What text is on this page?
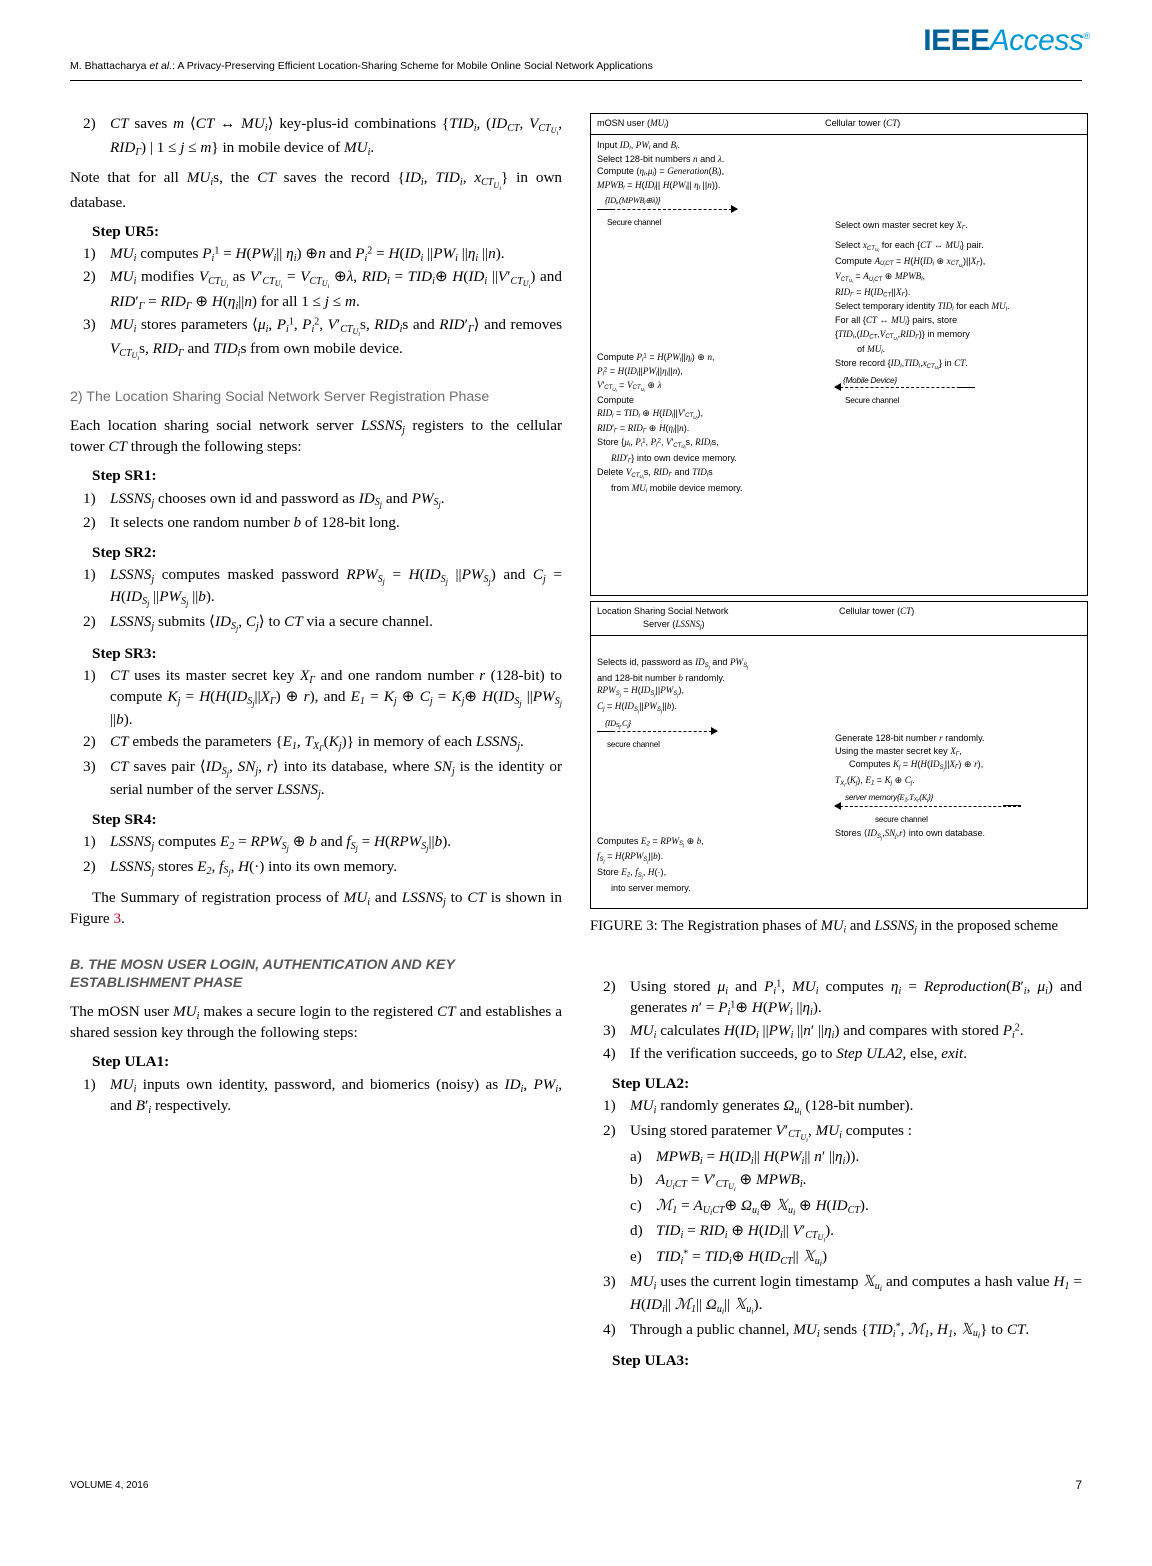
IEEEAccess®
M. Bhattacharya et al.: A Privacy-Preserving Efficient Location-Sharing Scheme for Mobile Online Social Network Applications
2) CT saves m ⟨CT ↔ $MU_i⟩$ key-plus-id combinations {$TID_i$, ($ID_{CT}$, $V_{CT_{U_i}}$, $RID_\Gamma$) | 1 ≤ j ≤ m} in mobile device of $MU_i$.

Note that for all $MU_is$, the CT saves the record {$ID_i$, $TID_i$, $x_{CT_{U_i}}$} in own database.

Step UR5:
1) $MU_i$ computes $P_i^1 = H(PW_i||$ $\eta_i$) ⊕n and $P_i^2 = H(ID_i$ $||PW_i$ $||\eta_i$ ||n).
2) $MU_i$ modifies $V_{CT_{U_i}}$ as $V'_{CT_{U_i}} = V_{CT_{U_i}}$ ⊕λ, $RID_i$ = $TID_i\oplus$ $H(ID_i$ $||V'_{CT_{U_i}}$) and $RID'_\Gamma = RID_\Gamma$ ⊕ $H(\eta_i||n)$ for all 1 ≤ j ≤ m.
3) $MU_i$ stores parameters $⟨\mu_i$, $P_i^1$, $P_i^2$, $V'_{CT_{U_i}}s$, $RID_is$ and $RID'_\Gamma⟩$ and removes $V_{CT_{U_i}}s$, $RID_\Gamma$ and $TID_is$ from own mobile device.
2) The Location Sharing Social Network Server Registration Phase

Each location sharing social network server $LSSNS_j$ registers to the cellular tower CT through the following steps:

Step SR1:
1) $LSSNS_j$ chooses own id and password as $ID_{S_j}$ and $PW_{S_j}$.
2) It selects one random number b of 128-bit long.
Step SR2:
1) $LSSNS_j$ computes masked password $RPW_{S_j} = H(ID_{S_j}$ $||PW_{S_j}$) and $C_j = H(ID_{S_j}$ $||PW_{S_j}$ ||b).
2) $LSSNS_j$ submits $⟨ID_{S_j}$, $C_j⟩$ to CT via a secure channel.
Step SR3:
1) CT uses its master secret key $X_\Gamma$ and one random number r (128-bit) to compute $K_j = H(H(ID_{S_j}||X_\Gamma)$ ⊕ r), and $E_1 = K_j$ ⊕ $C_j$ = $K_j\oplus$ $H(ID_{S_j}$ $||PW_{S_j}$ ||b).
2) CT embeds the parameters {$E_1$, $T_{X_\Gamma}(K_j)$} in memory of each $LSSNS_j$.
3) CT saves pair $⟨ID_{S_j}$, $SN_j$, r⟩ into its database, where $SN_j$ is the identity or serial number of the server $LSSNS_j$.
Step SR4:
1) $LSSNS_j$ computes $E_2 = RPW_{S_j}$ ⊕ b and $f_{S_j} = H(RPW_{S_j}||b)$.
2) $LSSNS_j$ stores $E_2$, $f_{S_j}$, H(·) into its own memory.

The Summary of registration process of $MU_i$ and $LSSNS_j$ to CT is shown in Figure 3.

B. THE MOSN USER LOGIN, AUTHENTICATION AND KEY ESTABLISHMENT PHASE

The mOSN user $MU_i$ makes a secure login to the registered CT and establishes a shared session key through the following steps:

Step ULA1:
1) $MU_i$ inputs own identity, password, and biomerics (noisy) as $ID_i$, $PW_i$, and $B'_i$ respectively.
mOSN user $(MU_i)$	Cellular tower (CT)
Input $ID_i$, $PW_i$ and $B_i$.
Select 128-bit numbers n and λ.
Compute $(\eta_i,\mu_i)$ = $Generation(B_i)$,
$MPWB_i = H(ID_i||$ $H(PW_i||$ $\eta_i$ ||n)).
$\{ID_i,(MPWB_i\oplus\lambda)\}$
Secure channel
Compute $P_i^1 = H(PW_i||\eta_i)$ ⊕ n,
$P_i^2 = H(ID_i||PW_i||\eta_i||n)$,
$V'_{CT_{U_i}} = V_{CT_{U_i}}$ ⊕ λ
Compute
$RID_i = TID_i$ ⊕ $H(ID_i||V'_{CT_{U_i}})$,
$RID'_\Gamma = RID_\Gamma$ ⊕ $H(\eta_i||n)$.
Store {$\mu_i$, $P_i^1$, $P_i^2$, $V'_{CT_{U_i}}s$, $RID_is$,
$RID'_\Gamma$} into own device memory.
Delete $V_{CT_{U_i}}s$, $RID_\Gamma$ and $TID_is$
from $MU_i$ mobile device memory.
Select own master secret key $X_\Gamma$.
Select $x_{CT_{U_i}}$ for each {CT ↔ $MU_i$} pair.
Compute $A_{U_iCT} = H(H(ID_i$ ⊕ $x_{CT_{U_i}})||X_\Gamma$),
$V_{CT_{U_i}} = A_{U_iCT}$ ⊕ $MPWB_i$,
$RID_\Gamma = H(ID_{CT}||X_\Gamma)$.
Select temporary identity $TID_i$ for each $MU_i$.
For all {CT ↔ $MU_i$} pairs, store
$\{TID_i,(ID_{CT},V_{CT_{U_i}},RID_\Gamma)\}$ in memory
of $MU_i$.
Store record $\{ID_i,TID_i,x_{CT_{U_i}}\}$ in CT.
{Mobile Device}
Secure channel
Location Sharing Social Network
Server $(LSSNS_j)$
Cellular tower (CT)
Selects id, password as $ID_{S_j}$ and $PW_{S_j}$
and 128-bit number b randomly.
$RPW_{S_j} = H(ID_{S_j}||PW_{S_j})$,
$C_j = H(ID_{S_j}||PW_{S_j}||b)$.
$\{ID_{S_j},C_j\}$
secure channel
Computes $E_2 = RPW_{S_j}$ ⊕ b,
$f_{S_j} = H(RPW_{S_j}||b)$.
Store $E_2$, $f_{S_j}$, H(·),
into server memory.
Generate 128-bit number r randomly.
Using the master secret key $X_\Gamma$,
Computes $K_j = H(H(ID_{S_j}||X_\Gamma)$ ⊕ r),
$T_{X_\Gamma}(K_j)$, $E_1 = K_j$ ⊕ $C_j$.
server $memory\{E_1,T_{X_\Gamma}(K_j)\}$
secure channel
Stores $⟨ID_{S_j},SN_j,r⟩$ into own database.
FIGURE 3: The Registration phases of $MU_i$ and $LSSNS_j$ in the proposed scheme
2) Using stored $\mu_i$ and $P_i^1$, $MU_i$ computes $\eta_i$ = $Reproduction(B'_i$, $\mu_i$) and generates $n' = P_i^1\oplus$ $H(PW_i$ $||\eta_i$).
3) $MU_i$ calculates $H(ID_i$ $||PW_i$ ||n′ $||\eta_i$) and compares with stored $P_i^2$.
4) If the verification succeeds, go to Step ULA2, else, exit.
Step ULA2:
1) $MU_i$ randomly generates $\Omega_{u_i}$ (128-bit number).
2) Using stored paratemer $V'_{CT_{U_i}}$, $MU_i$ computes :
a) $MPWB_i = H(ID_i||$ $H(PW_i||$ n′ $||\eta_i$)).
b) $A_{U_iCT} = V'_{CT_{U_i}}$ ⊕ $MPWB_i$.
c) ℳ$_1$ = $A_{U_iCT}\oplus$ $\Omega_{u_i}\oplus$ 𝕏$_{u_i}$ ⊕ $H(ID_{CT})$.
d) $TID_i = RID_i$ ⊕ $H(ID_i||$ $V'_{CT_{U_i}}$).
e) $TID_i^*$ = $TID_i\oplus$ $H(ID_{CT}||$ 𝕏$_{u_i}$)
3) $MU_i$ uses the current login timestamp 𝕏$_{u_i}$ and computes a hash value $H_1 = H(ID_i||$ ℳ$_1$|| $\Omega_{u_i}||$ 𝕏$_{u_i}$).
4) Through a public channel, $MU_i$ sends {$TID_i^*$, ℳ$_1$, $H_1$, 𝕏$_{u_i}$} to CT.
Step ULA3:
VOLUME 4, 2016	7
